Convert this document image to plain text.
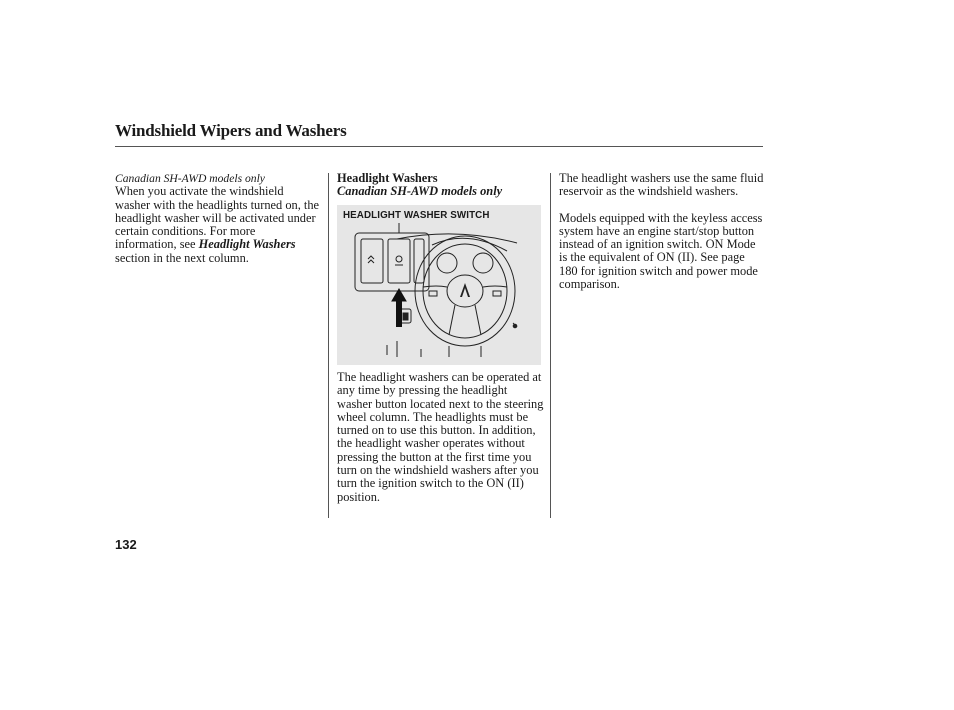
Windshield Wipers and Washers

Canadian SH-AWD models only

When you activate the windshield washer with the headlights turned on, the headlight washer will be activated under certain conditions. For more information, see Headlight Washers section in the next column.

Headlight Washers

Canadian SH-AWD models only

HEADLIGHT WASHER SWITCH

The headlight washers can be operated at any time by pressing the headlight washer button located next to the steering wheel column. The headlights must be turned on to use this button. In addition, the headlight washer operates without pressing the button at the first time you turn on the windshield washers after you turn the ignition switch to the ON (II) position.

The headlight washers use the same fluid reservoir as the windshield washers.

Models equipped with the keyless access system have an engine start/stop button instead of an ignition switch. ON Mode is the equivalent of ON (II). See page 180 for ignition switch and power mode comparison.

132
